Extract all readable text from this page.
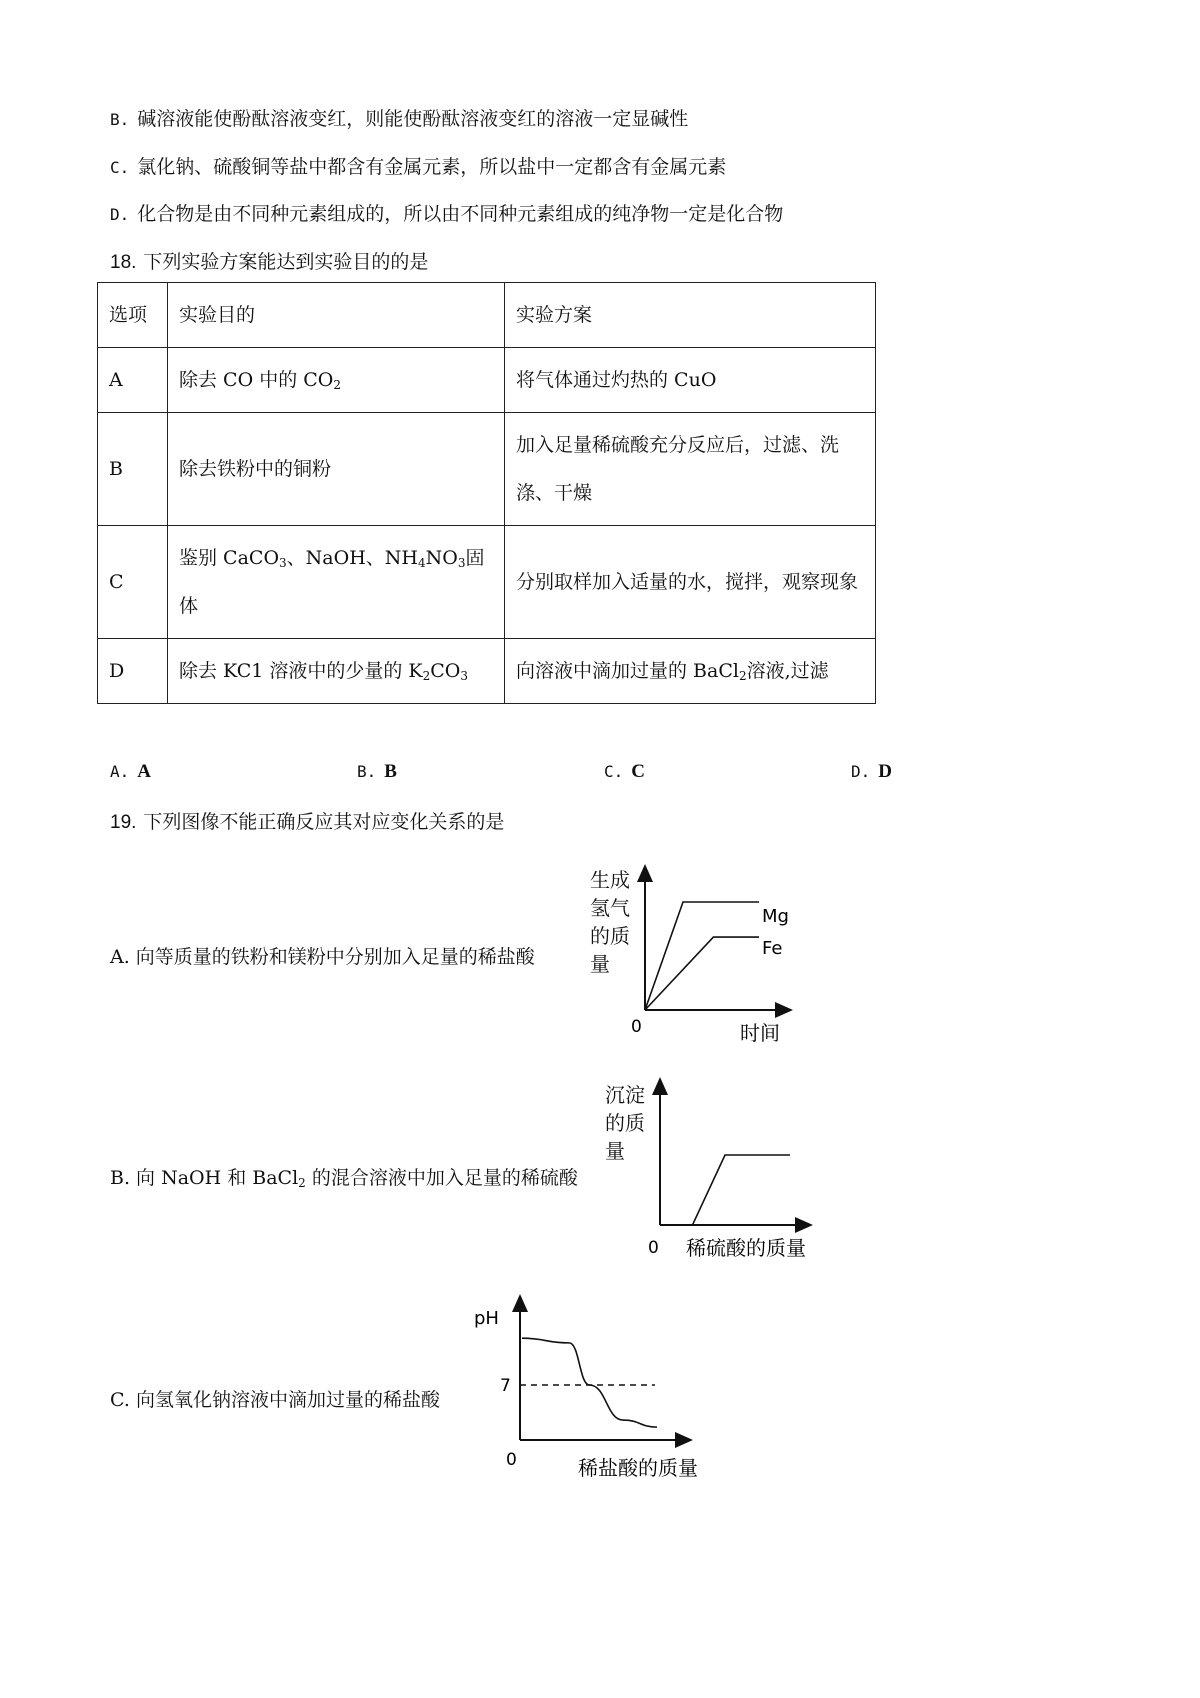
B. 碱溶液能使酚酞溶液变红，则能使酚酞溶液变红的溶液一定显碱性
C. 氯化钠、硫酸铜等盐中都含有金属元素，所以盐中一定都含有金属元素
D. 化合物是由不同种元素组成的，所以由不同种元素组成的纯净物一定是化合物
18. 下列实验方案能达到实验目的的是
选项	实验目的	实验方案
A	除去 CO 中的 $CO_2$	将气体通过灼热的 CuO
B	除去铁粉中的铜粉	加入足量稀硫酸充分反应后，过滤、洗涤、干燥
C	鉴别 CaCO$_3$、NaOH、$NH_4NO_3$固体	分别取样加入适量的水，搅拌，观察现象
D	除去 KC1 溶液中的少量的 $K_2CO_3$	向溶液中滴加过量的 BaCl$_2$溶液,过滤
A. A	B. B	C. C	D. D
19. 下列图像不能正确反应其对应变化关系的是
A. 向等质量的铁粉和镁粉中分别加入足量的稀盐酸
生成
氢气
的质
量
0	时间
Mg
Fe
B. 向 NaOH 和 BaCl$_2$ 的混合溶液中加入足量的稀硫酸
沉淀
的质
量
0 稀硫酸的质量
C. 向氢氧化钠溶液中滴加过量的稀盐酸
pH
7
0	稀盐酸的质量
